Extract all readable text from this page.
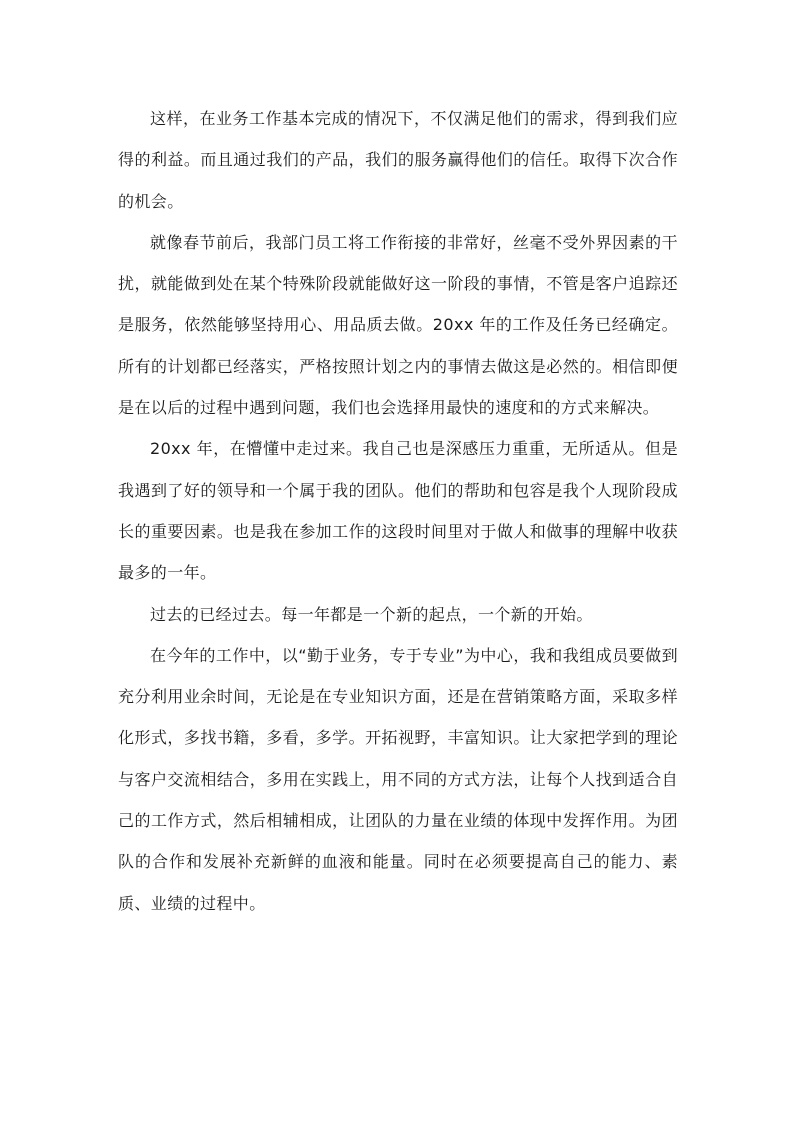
这样，在业务工作基本完成的情况下，不仅满足他们的需求，得到我们应得的利益。而且通过我们的产品，我们的服务赢得他们的信任。取得下次合作的机会。

就像春节前后，我部门员工将工作衔接的非常好，丝毫不受外界因素的干扰，就能做到处在某个特殊阶段就能做好这一阶段的事情，不管是客户追踪还是服务，依然能够坚持用心、用品质去做。20xx 年的工作及任务已经确定。所有的计划都已经落实，严格按照计划之内的事情去做这是必然的。相信即便是在以后的过程中遇到问题，我们也会选择用最快的速度和的方式来解决。

20xx 年，在懵懂中走过来。我自己也是深感压力重重，无所适从。但是我遇到了好的领导和一个属于我的团队。他们的帮助和包容是我个人现阶段成长的重要因素。也是我在参加工作的这段时间里对于做人和做事的理解中收获最多的一年。

过去的已经过去。每一年都是一个新的起点，一个新的开始。

在今年的工作中，以“勤于业务，专于专业”为中心，我和我组成员要做到充分利用业余时间，无论是在专业知识方面，还是在营销策略方面，采取多样化形式，多找书籍，多看，多学。开拓视野，丰富知识。让大家把学到的理论与客户交流相结合，多用在实践上，用不同的方式方法，让每个人找到适合自己的工作方式，然后相辅相成，让团队的力量在业绩的体现中发挥作用。为团队的合作和发展补充新鲜的血液和能量。同时在必须要提高自己的能力、素质、业绩的过程中。
